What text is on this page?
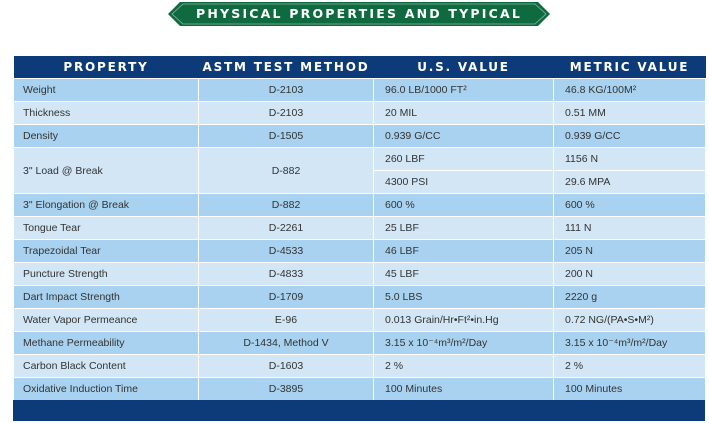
PHYSICAL PROPERTIES AND TYPICAL VALUES
PROPERTY	ASTM TEST METHOD	U.S. VALUE	METRIC VALUE
Weight	D-2103	96.0 LB/1000 FT²	46.8 KG/100M²
Thickness	D-2103	20 MIL	0.51 MM
Density	D-1505	0.939 G/CC	0.939 G/CC
3" Load @ Break	D-882	260 LBF	1156 N
		4300 PSI	29.6 MPA
3" Elongation @ Break	D-882	600 %	600 %
Tongue Tear	D-2261	25 LBF	111 N
Trapezoidal Tear	D-4533	46 LBF	205 N
Puncture Strength	D-4833	45 LBF	200 N
Dart Impact Strength	D-1709	5.0 LBS	2220 g
Water Vapor Permeance	E-96	0.013 Grain/Hr•Ft²•in.Hg	0.72 NG/(PA•S•M²)
Methane Permeability	D-1434, Method V	3.15 x 10⁻⁴m³/m²/Day	3.15 x 10⁻⁴m³/m²/Day
Carbon Black Content	D-1603	2 %	2 %
Oxidative Induction Time	D-3895	100 Minutes	100 Minutes
